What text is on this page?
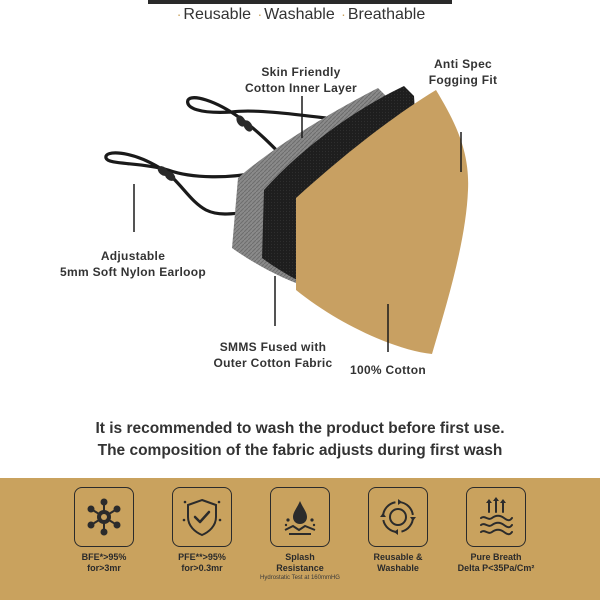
· Reusable · Washable · Breathable
Skin Friendly
Cotton Inner Layer
Anti Spec
Fogging Fit
Adjustable
5mm Soft Nylon Earloop
SMMS Fused with
Outer Cotton Fabric	100% Cotton
It is recommended to wash the product before first use.
The composition of the fabric adjusts during first wash
BFE*>95%
for>3mr
PFE**>95%
for>0.3mr
Splash
Resistance
Hydrostatic Test at 160mmHG
Reusable &
Washable
Pure Breath
Delta P<35Pa/Cm²
